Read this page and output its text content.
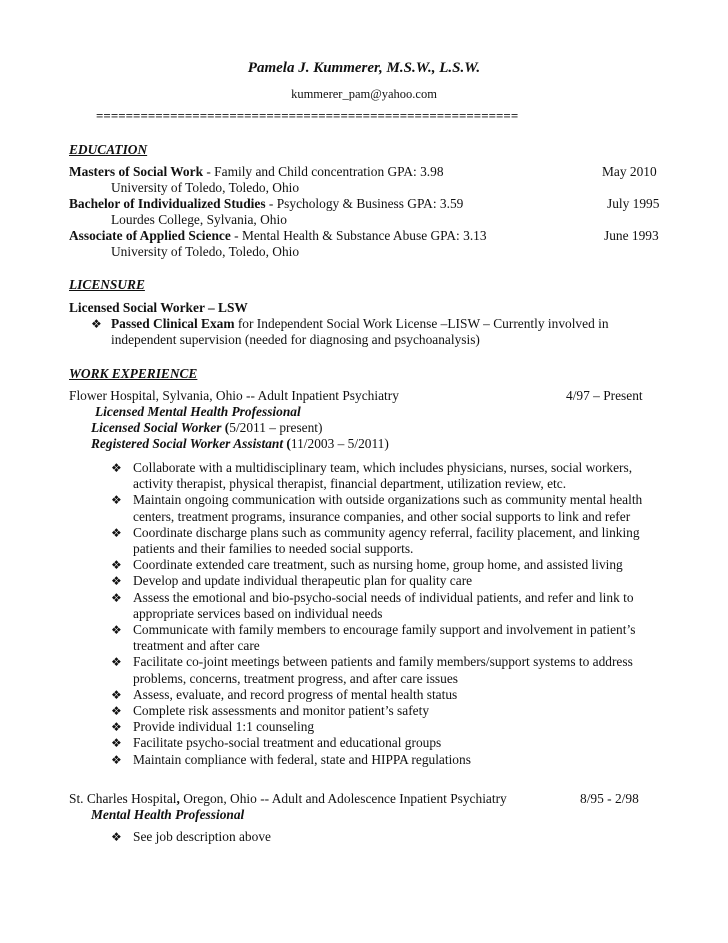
Pamela J. Kummerer, M.S.W., L.S.W.
kummerer_pam@yahoo.com
=========================================================
EDUCATION
Masters of Social Work - Family and Child concentration GPA: 3.98	May 2010
University of Toledo, Toledo, Ohio
Bachelor of Individualized Studies - Psychology & Business GPA: 3.59	July 1995
Lourdes College, Sylvania, Ohio
Associate of Applied Science - Mental Health & Substance Abuse GPA: 3.13	June 1993
University of Toledo, Toledo, Ohio
LICENSURE
Licensed Social Worker – LSW
❖ Passed Clinical Exam for Independent Social Work License –LISW – Currently involved in
independent supervision (needed for diagnosing and psychoanalysis)
WORK EXPERIENCE
Flower Hospital, Sylvania, Ohio -- Adult Inpatient Psychiatry	4/97 – Present
Licensed Mental Health Professional
Licensed Social Worker (5/2011 – present)
Registered Social Worker Assistant (11/2003 – 5/2011)
❖ Collaborate with a multidisciplinary team, which includes physicians, nurses, social workers,
activity therapist, physical therapist, financial department, utilization review, etc.
❖ Maintain ongoing communication with outside organizations such as community mental health
centers, treatment programs, insurance companies, and other social supports to link and refer
❖ Coordinate discharge plans such as community agency referral, facility placement, and linking
patients and their families to needed social supports.
❖ Coordinate extended care treatment, such as nursing home, group home, and assisted living
❖ Develop and update individual therapeutic plan for quality care
❖ Assess the emotional and bio-psycho-social needs of individual patients, and refer and link to
appropriate services based on individual needs
❖ Communicate with family members to encourage family support and involvement in patient’s
treatment and after care
❖ Facilitate co-joint meetings between patients and family members/support systems to address
problems, concerns, treatment progress, and after care issues
❖ Assess, evaluate, and record progress of mental health status
❖ Complete risk assessments and monitor patient’s safety
❖ Provide individual 1:1 counseling
❖ Facilitate psycho-social treatment and educational groups
❖ Maintain compliance with federal, state and HIPPA regulations
St. Charles Hospital, Oregon, Ohio -- Adult and Adolescence Inpatient Psychiatry	8/95 - 2/98
Mental Health Professional
❖ See job description above
